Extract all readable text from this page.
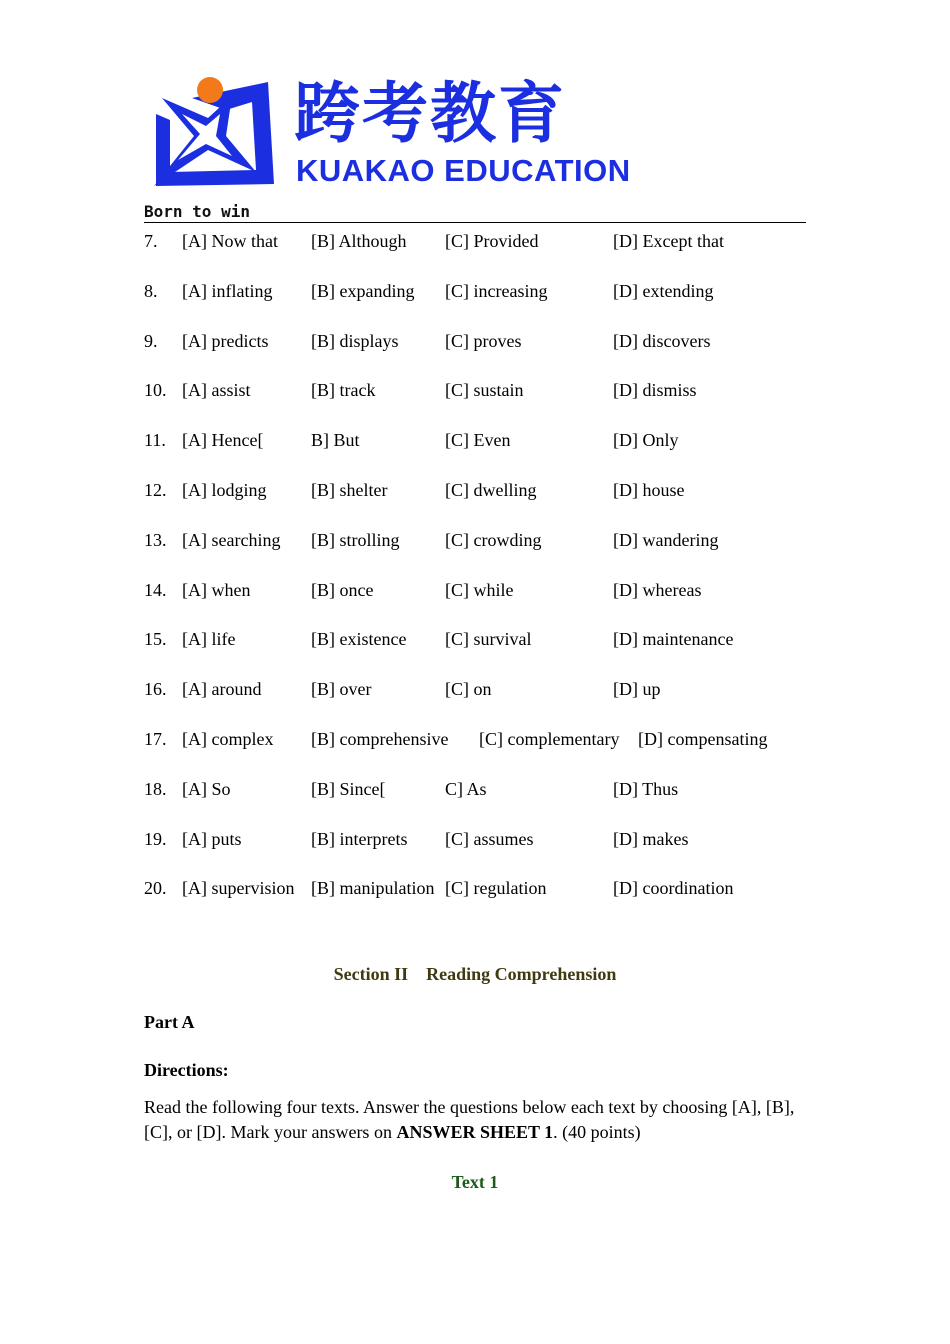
跨考教育
KUAKAO EDUCATION
Born to win
7. [A] Now that [B] Although [C] Provided	[D] Except that
8. [A] inflating [B] expanding [C] increasing	[D] extending
9. [A] predicts [B] displays	[C] proves	[D] discovers
10. [A] assist	[B] track	[C] sustain	[D] dismiss
11. [A] Hence[	B] But	[C] Even	[D] Only
12. [A] lodging [B] shelter	[C] dwelling	[D] house
13. [A] searching [B] strolling	[C] crowding	[D] wandering
14. [A] when	[B] once	[C] while	[D] whereas
15. [A] life	[B] existence [C] survival	[D] maintenance
16. [A] around	[B] over	[C] on	[D] up
17. [A] complex [B] comprehensive [C] complementary [D] compensating
18. [A] So	[B] Since[	C] As	[D] Thus
19. [A] puts	[B] interprets [C] assumes	[D] makes
20. [A] supervision [B] manipulation [C] regulation	[D] coordination
Section II    Reading Comprehension
Part A
Directions:
Read the following four texts. Answer the questions below each text by choosing [A], [B], [C], or [D]. Mark your answers on ANSWER SHEET 1. (40 points)
Text 1
